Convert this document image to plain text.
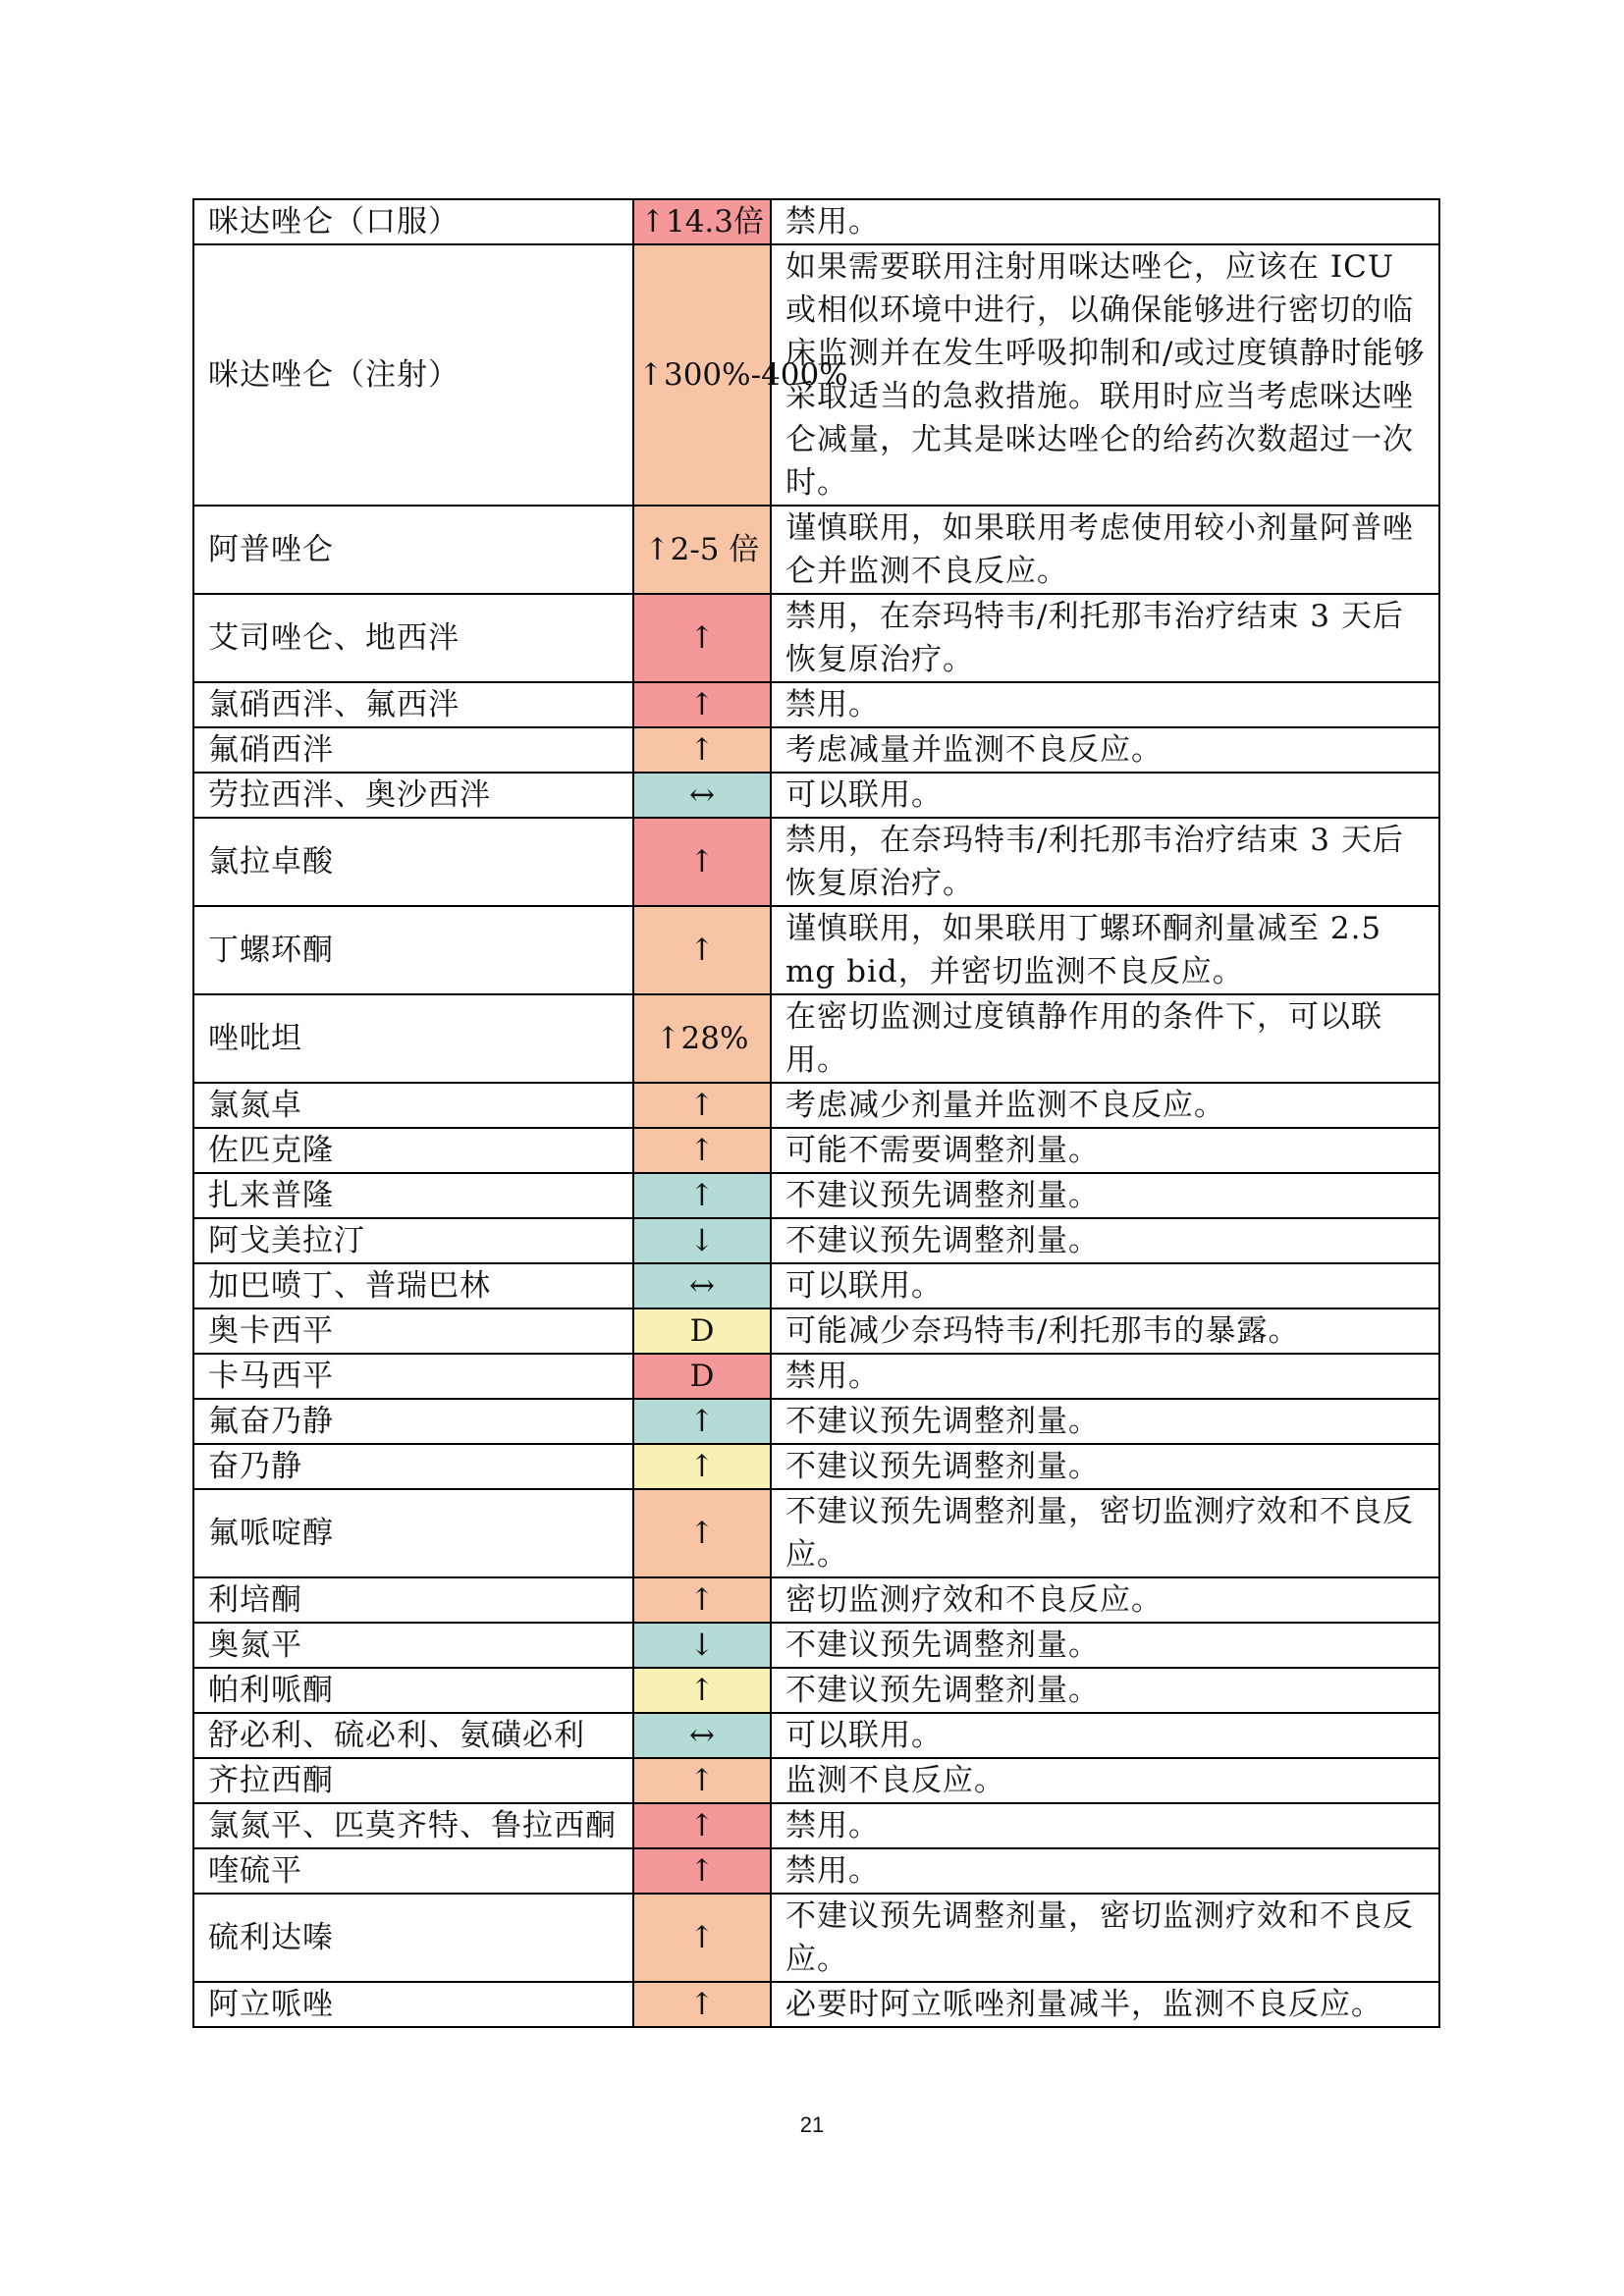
咪达唑仑（口服）	↑14.3倍	禁用。
咪达唑仑（注射）	↑300%-400%	如果需要联用注射用咪达唑仑，应该在 ICU 或相似环境中进行，以确保能够进行密切的临床监测并在发生呼吸抑制和/或过度镇静时能够采取适当的急救措施。联用时应当考虑咪达唑仑减量，尤其是咪达唑仑的给药次数超过一次时。
阿普唑仑	↑2-5 倍	谨慎联用，如果联用考虑使用较小剂量阿普唑仑并监测不良反应。
艾司唑仑、地西泮	↑	禁用，在奈玛特韦/利托那韦治疗结束 3 天后恢复原治疗。
氯硝西泮、氟西泮	↑	禁用。
氟硝西泮	↑	考虑减量并监测不良反应。
劳拉西泮、奥沙西泮	↔	可以联用。
氯拉卓酸	↑	禁用，在奈玛特韦/利托那韦治疗结束 3 天后恢复原治疗。
丁螺环酮	↑	谨慎联用，如果联用丁螺环酮剂量减至 2.5 mg bid，并密切监测不良反应。
唑吡坦	↑28%	在密切监测过度镇静作用的条件下，可以联用。
氯氮卓	↑	考虑减少剂量并监测不良反应。
佐匹克隆	↑	可能不需要调整剂量。
扎来普隆	↑	不建议预先调整剂量。
阿戈美拉汀	↓	不建议预先调整剂量。
加巴喷丁、普瑞巴林	↔	可以联用。
奥卡西平	D	可能减少奈玛特韦/利托那韦的暴露。
卡马西平	D	禁用。
氟奋乃静	↑	不建议预先调整剂量。
奋乃静	↑	不建议预先调整剂量。
氟哌啶醇	↑	不建议预先调整剂量，密切监测疗效和不良反应。
利培酮	↑	密切监测疗效和不良反应。
奥氮平	↓	不建议预先调整剂量。
帕利哌酮	↑	不建议预先调整剂量。
舒必利、硫必利、氨磺必利	↔	可以联用。
齐拉西酮	↑	监测不良反应。
氯氮平、匹莫齐特、鲁拉西酮	↑	禁用。
喹硫平	↑	禁用。
硫利达嗪	↑	不建议预先调整剂量，密切监测疗效和不良反应。
阿立哌唑	↑	必要时阿立哌唑剂量减半，监测不良反应。
21
